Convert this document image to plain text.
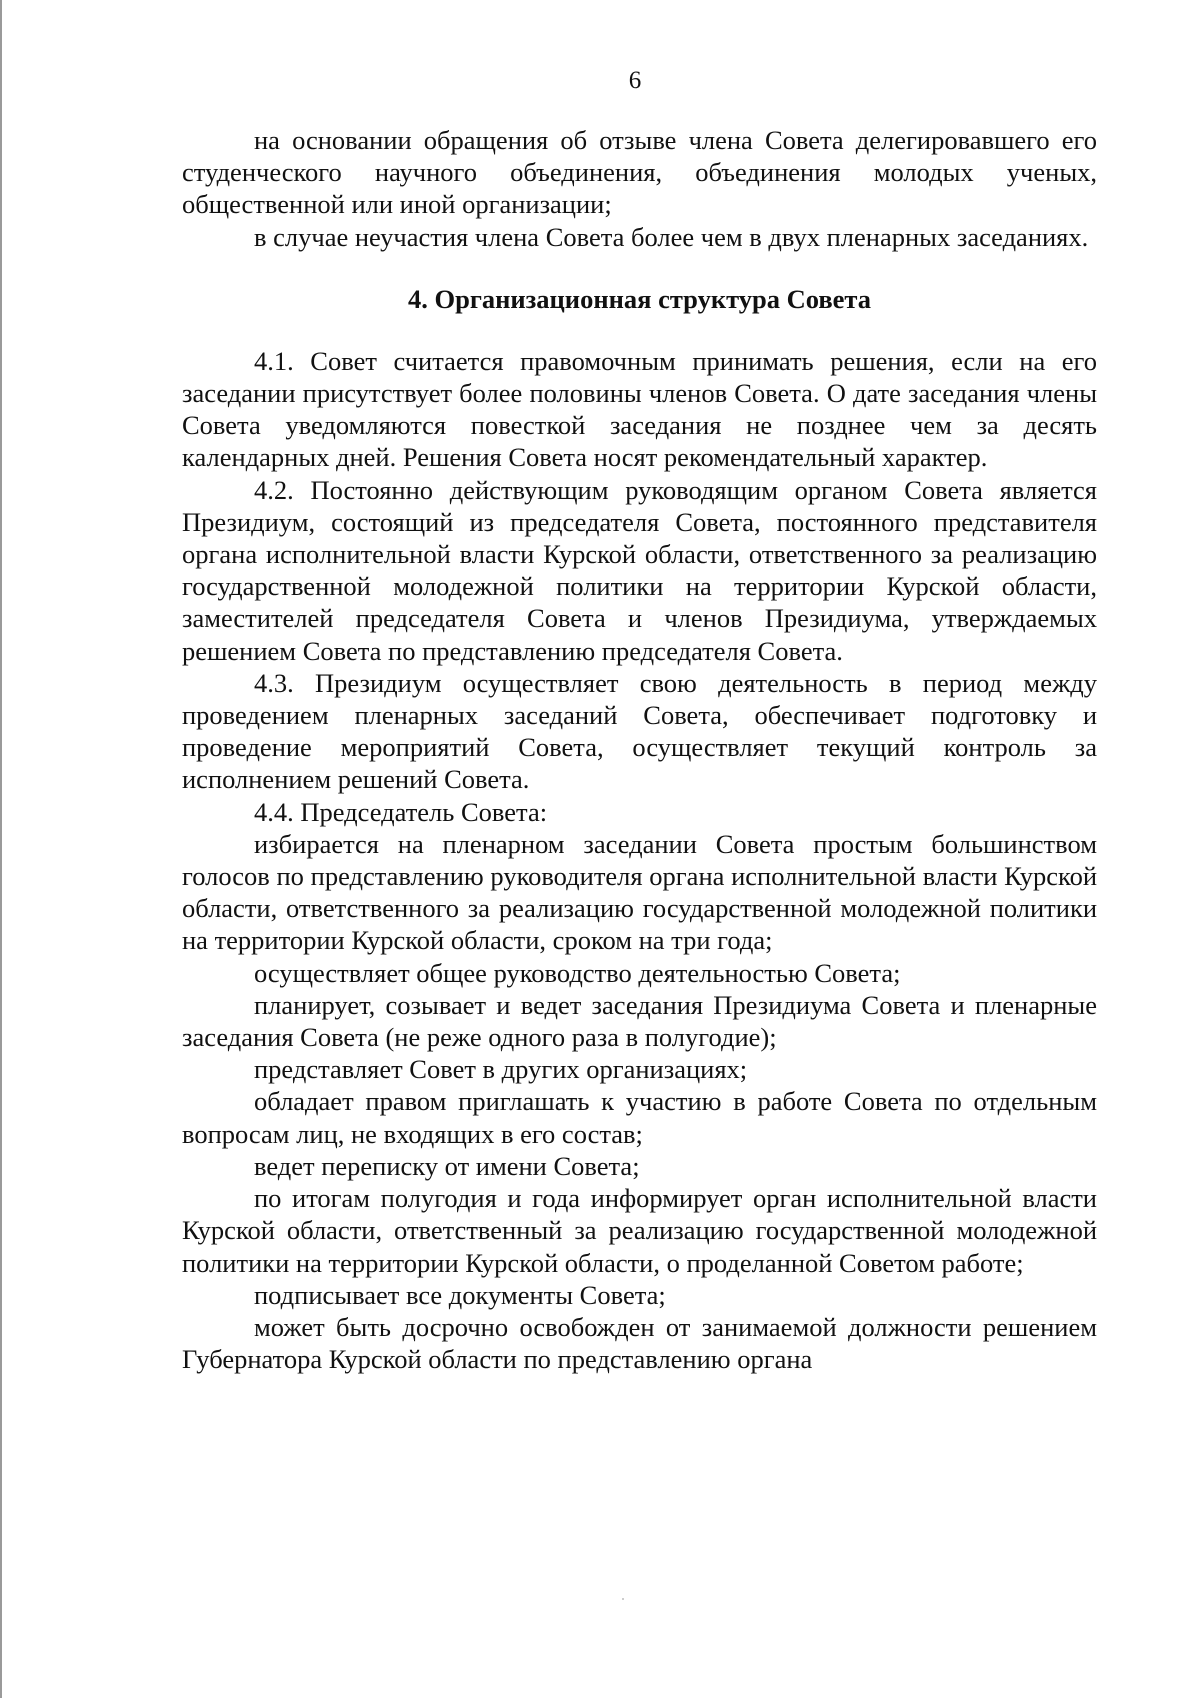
6

на основании обращения об отзыве члена Совета делегировавшего его студенческого научного объединения, объединения молодых ученых, общественной или иной организации;

в случае неучастия члена Совета более чем в двух пленарных заседаниях.

4. Организационная структура Совета

4.1. Совет считается правомочным принимать решения, если на его заседании присутствует более половины членов Совета. О дате заседания члены Совета уведомляются повесткой заседания не позднее чем за десять календарных дней. Решения Совета носят рекомендательный характер.

4.2. Постоянно действующим руководящим органом Совета является Президиум, состоящий из председателя Совета, постоянного представителя органа исполнительной власти Курской области, ответственного за реализацию государственной молодежной политики на территории Курской области, заместителей председателя Совета и членов Президиума, утверждаемых решением Совета по представлению председателя Совета.

4.3. Президиум осуществляет свою деятельность в период между проведением пленарных заседаний Совета, обеспечивает подготовку и проведение мероприятий Совета, осуществляет текущий контроль за исполнением решений Совета.

4.4. Председатель Совета:

избирается на пленарном заседании Совета простым большинством голосов по представлению руководителя органа исполнительной власти Курской области, ответственного за реализацию государственной молодежной политики на территории Курской области, сроком на три года;

осуществляет общее руководство деятельностью Совета;

планирует, созывает и ведет заседания Президиума Совета и пленарные заседания Совета (не реже одного раза в полугодие);

представляет Совет в других организациях;

обладает правом приглашать к участию в работе Совета по отдельным вопросам лиц, не входящих в его состав;

ведет переписку от имени Совета;

по итогам полугодия и года информирует орган исполнительной власти Курской области, ответственный за реализацию государственной молодежной политики на территории Курской области, о проделанной Советом работе;

подписывает все документы Совета;

может быть досрочно освобожден от занимаемой должности решением Губернатора Курской области по представлению органа
